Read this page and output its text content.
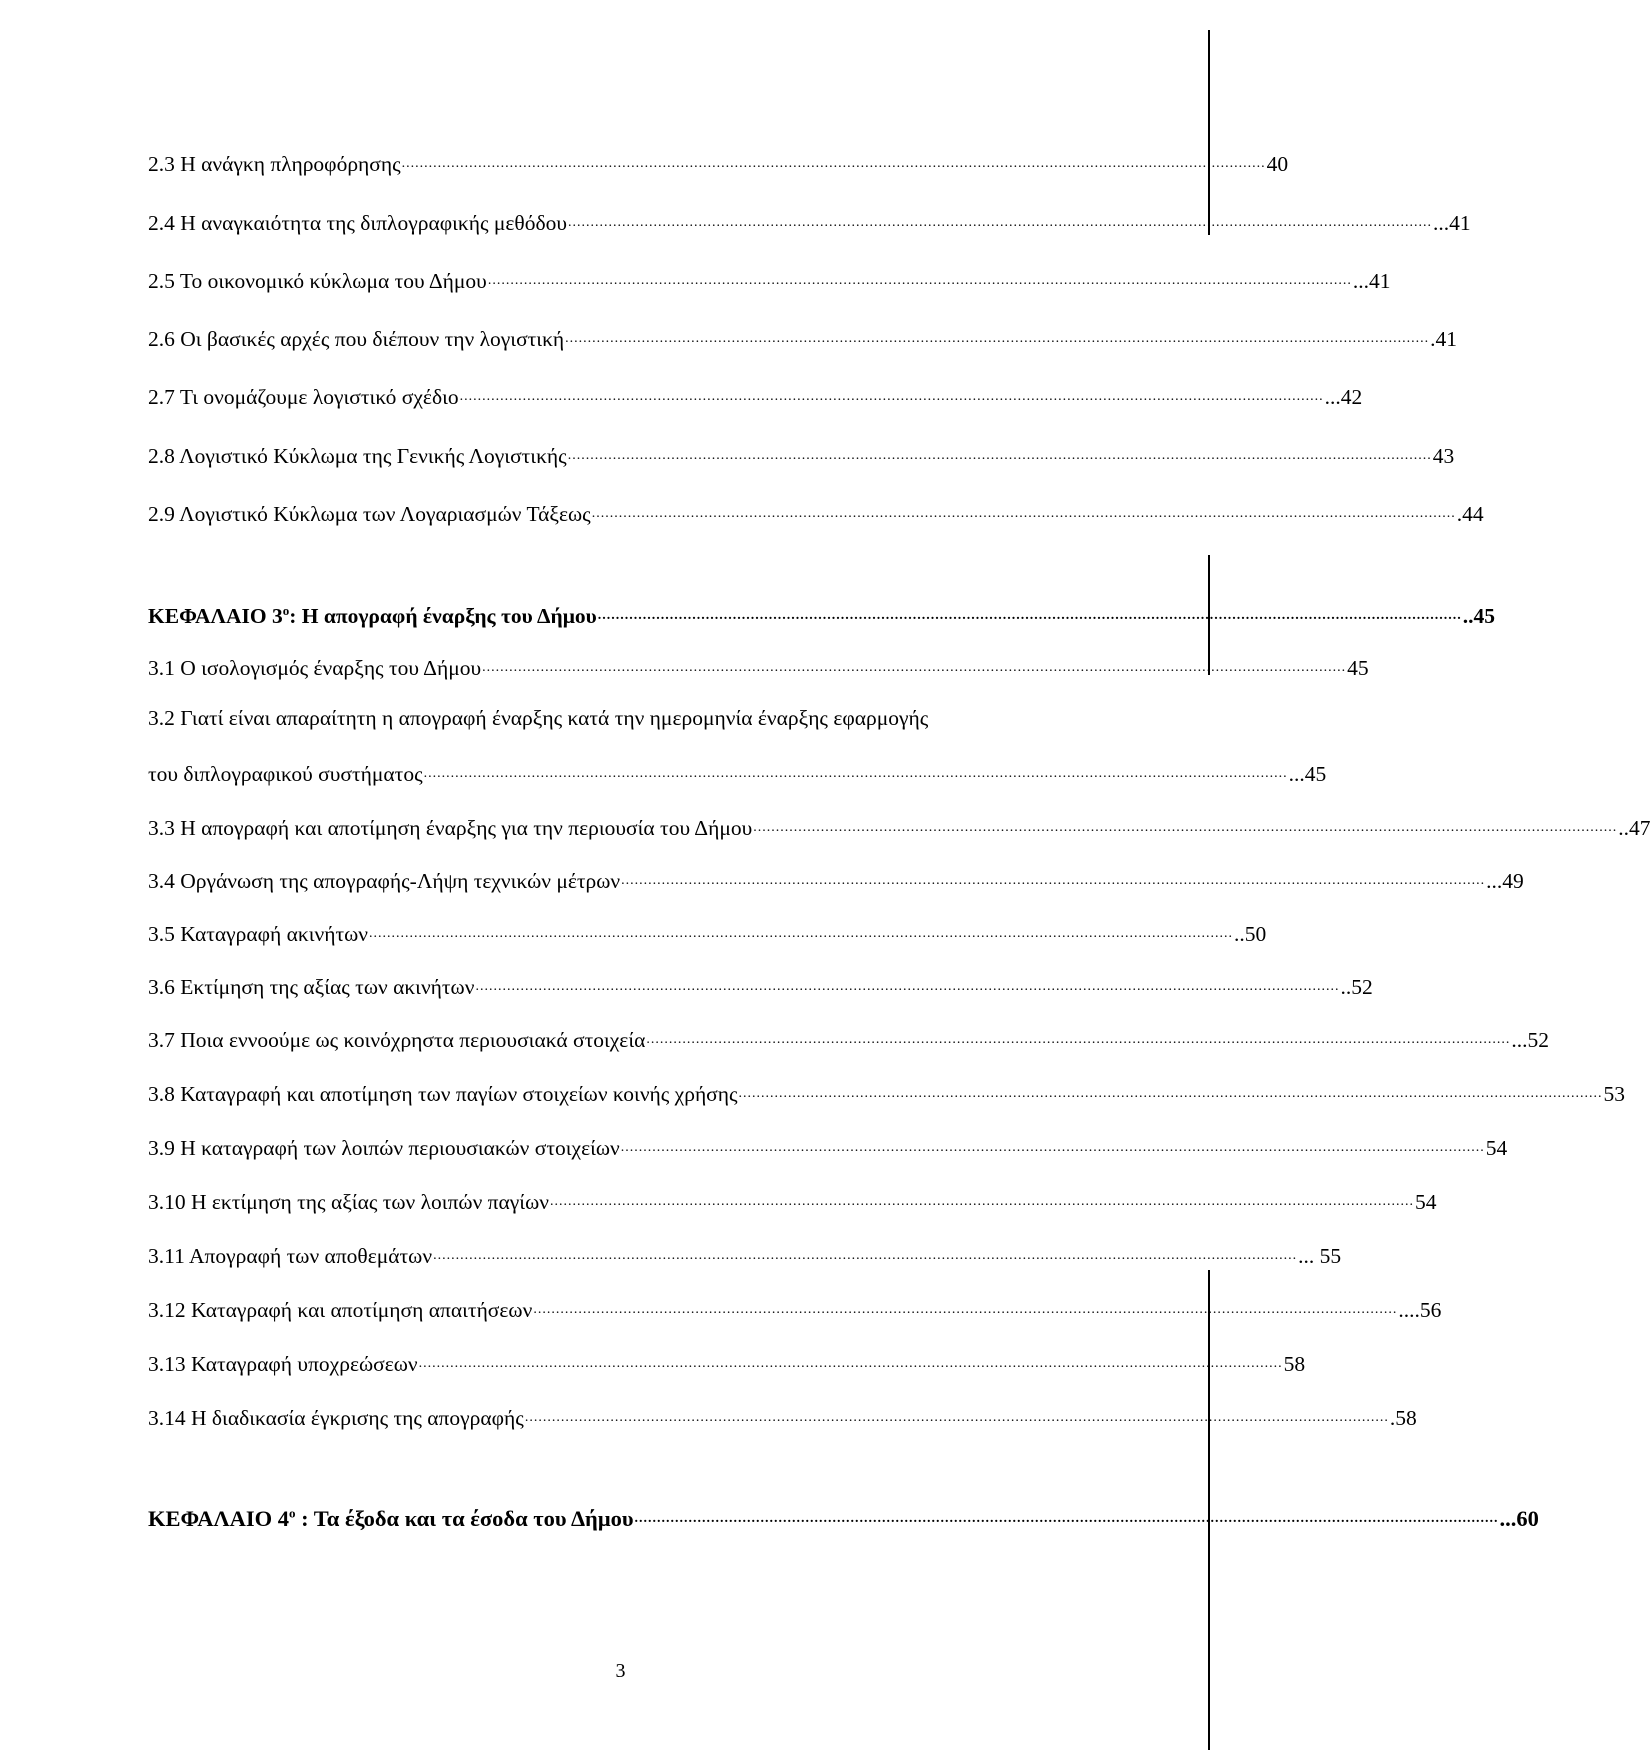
2.3 Η ανάγκη πληροφόρησης ................................................................................................................................................................................................ 40
2.4 Η αναγκαιότητα της διπλογραφικής μεθόδου ................................................................................................................................................................................................ ...41
2.5 Το οικονομικό κύκλωμα του Δήμου ................................................................................................................................................................................................ ...41
2.6 Οι βασικές αρχές που διέπουν την λογιστική ................................................................................................................................................................................................ .41
2.7 Τι ονομάζουμε λογιστικό σχέδιο ................................................................................................................................................................................................ ...42
2.8 Λογιστικό Κύκλωμα της Γενικής Λογιστικής ................................................................................................................................................................................................ 43
2.9 Λογιστικό Κύκλωμα των Λογαριασμών Τάξεως ................................................................................................................................................................................................ .44
ΚΕΦΑΛΑΙΟ $3^o$: Η απογραφή έναρξης του Δήμου ................................................................................................................................................................................................ ..45
3.1 Ο ισολογισμός έναρξης του Δήμου ................................................................................................................................................................................................ 45
3.2 Γιατί είναι απαραίτητη η απογραφή έναρξης κατά την ημερομηνία έναρξης εφαρμογής
του διπλογραφικού συστήματος ................................................................................................................................................................................................ ...45
3.3 Η απογραφή και αποτίμηση έναρξης για την περιουσία του Δήμου ................................................................................................................................................................................................ ..47
3.4 Οργάνωση της απογραφής-Λήψη τεχνικών μέτρων ................................................................................................................................................................................................ ...49
3.5 Καταγραφή ακινήτων ................................................................................................................................................................................................ ..50
3.6 Εκτίμηση της αξίας των ακινήτων ................................................................................................................................................................................................ ..52
3.7 Ποια εννοούμε ως κοινόχρηστα περιουσιακά στοιχεία ................................................................................................................................................................................................ ...52
3.8 Καταγραφή και αποτίμηση των παγίων στοιχείων κοινής χρήσης ................................................................................................................................................................................................ 53
3.9 Η καταγραφή των λοιπών περιουσιακών στοιχείων ................................................................................................................................................................................................ 54
3.10 Η εκτίμηση της αξίας των λοιπών παγίων ................................................................................................................................................................................................ 54
3.11 Απογραφή των αποθεμάτων ................................................................................................................................................................................................ ... 55
3.12 Καταγραφή και αποτίμηση απαιτήσεων ................................................................................................................................................................................................ ....56
3.13 Καταγραφή υποχρεώσεων ................................................................................................................................................................................................ 58
3.14 Η διαδικασία έγκρισης της απογραφής ................................................................................................................................................................................................ .58
ΚΕΦΑΛΑΙΟ $4^o$ : Τα έξοδα και τα έσοδα του Δήμου ................................................................................................................................................................................................ ...60
3
